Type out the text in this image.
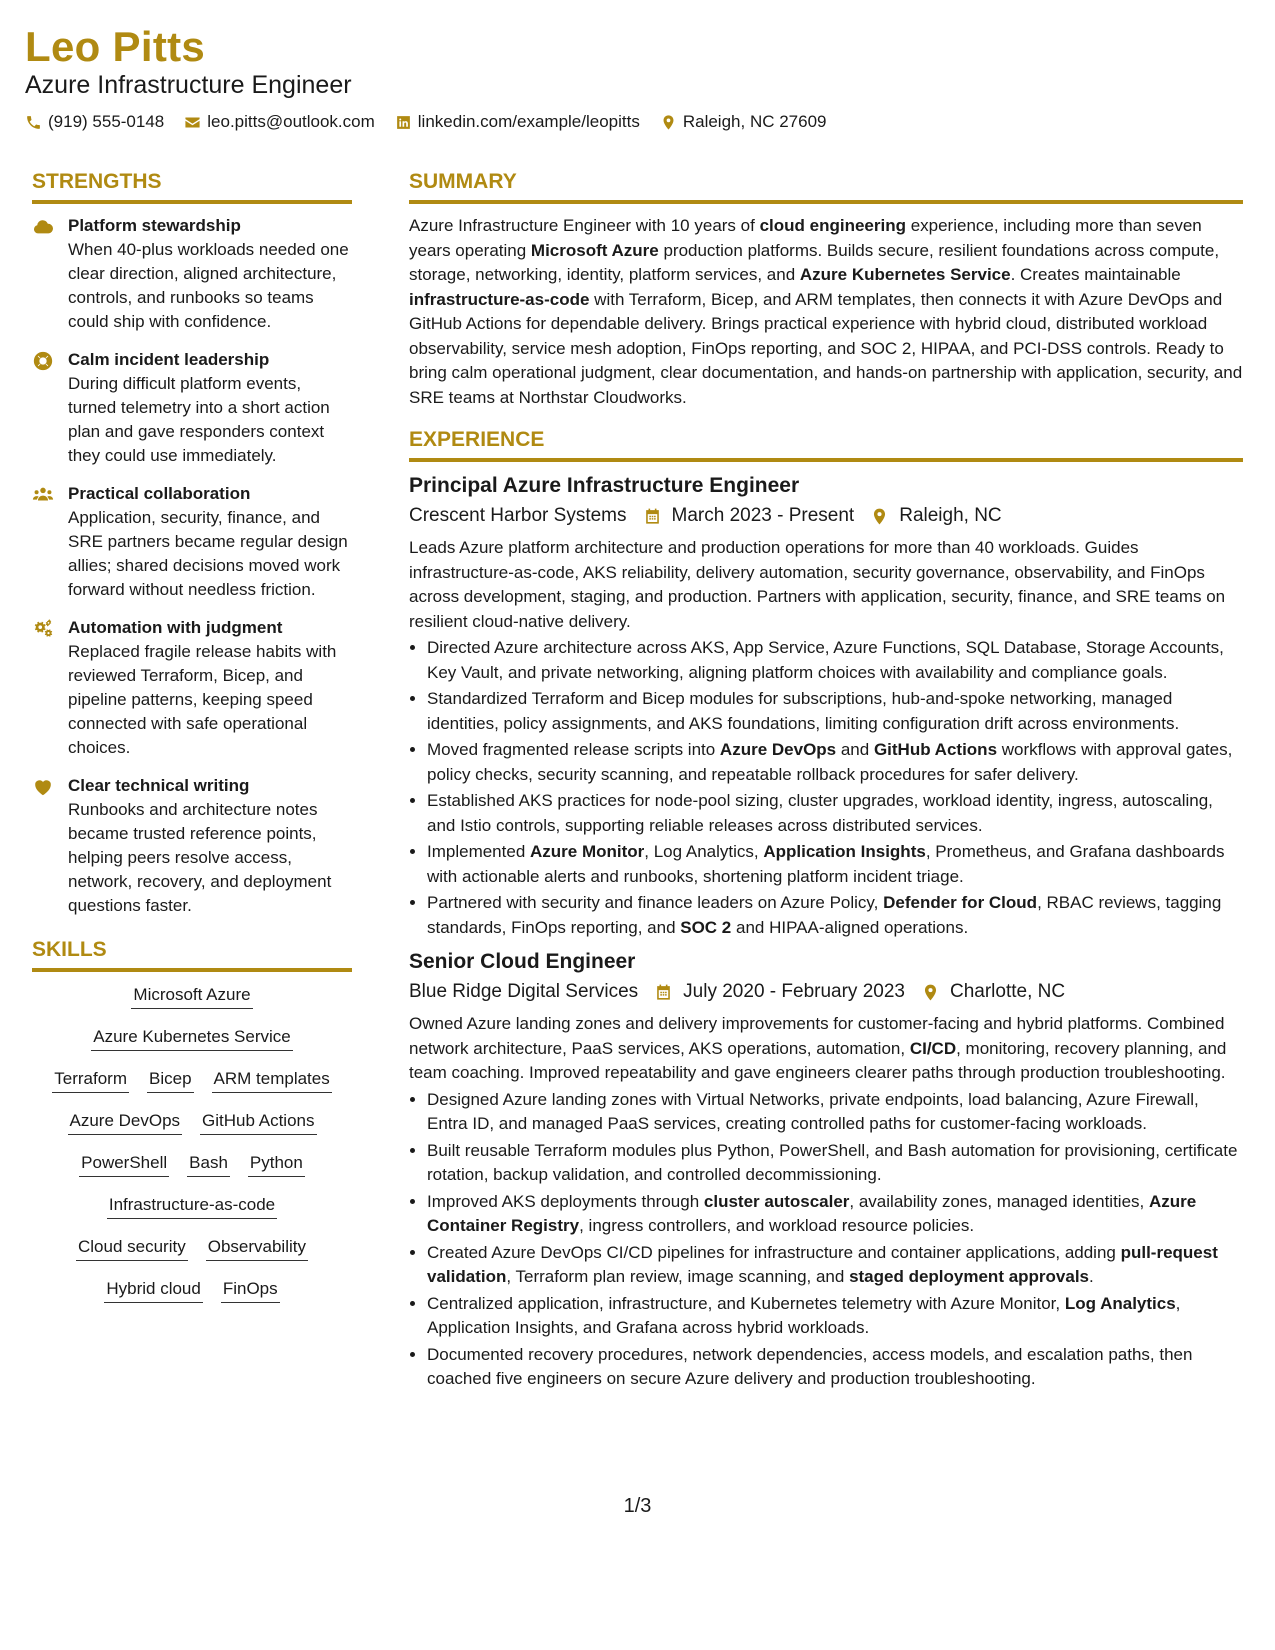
Leo Pitts
Azure Infrastructure Engineer
(919) 555-0148	leo.pitts@outlook.com	linkedin.com/example/leopitts	Raleigh, NC 27609
STRENGTHS
Platform stewardship
When 40-plus workloads needed one clear direction, aligned architecture, controls, and runbooks so teams could ship with confidence.
Calm incident leadership
During difficult platform events, turned telemetry into a short action plan and gave responders context they could use immediately.
Practical collaboration
Application, security, finance, and SRE partners became regular design allies; shared decisions moved work forward without needless friction.
Automation with judgment
Replaced fragile release habits with reviewed Terraform, Bicep, and pipeline patterns, keeping speed connected with safe operational choices.
Clear technical writing
Runbooks and architecture notes became trusted reference points, helping peers resolve access, network, recovery, and deployment questions faster.
SKILLS
Microsoft Azure
Azure Kubernetes Service
Terraform Bicep ARM templates
Azure DevOps GitHub Actions
PowerShell Bash Python
Infrastructure-as-code
Cloud security Observability
Hybrid cloud FinOps
SUMMARY
Azure Infrastructure Engineer with 10 years of cloud engineering experience, including more than seven years operating Microsoft Azure production platforms. Builds secure, resilient foundations across compute, storage, networking, identity, platform services, and Azure Kubernetes Service. Creates maintainable infrastructure-as-code with Terraform, Bicep, and ARM templates, then connects it with Azure DevOps and GitHub Actions for dependable delivery. Brings practical experience with hybrid cloud, distributed workload observability, service mesh adoption, FinOps reporting, and SOC 2, HIPAA, and PCI-DSS controls. Ready to bring calm operational judgment, clear documentation, and hands-on partnership with application, security, and SRE teams at Northstar Cloudworks.
EXPERIENCE
Principal Azure Infrastructure Engineer
Crescent Harbor Systems March 2023 - Present Raleigh, NC
Leads Azure platform architecture and production operations for more than 40 workloads. Guides infrastructure-as-code, AKS reliability, delivery automation, security governance, observability, and FinOps across development, staging, and production. Partners with application, security, finance, and SRE teams on resilient cloud-native delivery.
• Directed Azure architecture across AKS, App Service, Azure Functions, SQL Database, Storage Accounts, Key Vault, and private networking, aligning platform choices with availability and compliance goals.
• Standardized Terraform and Bicep modules for subscriptions, hub-and-spoke networking, managed identities, policy assignments, and AKS foundations, limiting configuration drift across environments.
• Moved fragmented release scripts into Azure DevOps and GitHub Actions workflows with approval gates, policy checks, security scanning, and repeatable rollback procedures for safer delivery.
• Established AKS practices for node-pool sizing, cluster upgrades, workload identity, ingress, autoscaling, and Istio controls, supporting reliable releases across distributed services.
• Implemented Azure Monitor, Log Analytics, Application Insights, Prometheus, and Grafana dashboards with actionable alerts and runbooks, shortening platform incident triage.
• Partnered with security and finance leaders on Azure Policy, Defender for Cloud, RBAC reviews, tagging standards, FinOps reporting, and SOC 2 and HIPAA-aligned operations.
Senior Cloud Engineer
Blue Ridge Digital Services July 2020 - February 2023 Charlotte, NC
Owned Azure landing zones and delivery improvements for customer-facing and hybrid platforms. Combined network architecture, PaaS services, AKS operations, automation, CI/CD, monitoring, recovery planning, and team coaching. Improved repeatability and gave engineers clearer paths through production troubleshooting.
• Designed Azure landing zones with Virtual Networks, private endpoints, load balancing, Azure Firewall, Entra ID, and managed PaaS services, creating controlled paths for customer-facing workloads.
• Built reusable Terraform modules plus Python, PowerShell, and Bash automation for provisioning, certificate rotation, backup validation, and controlled decommissioning.
• Improved AKS deployments through cluster autoscaler, availability zones, managed identities, Azure Container Registry, ingress controllers, and workload resource policies.
• Created Azure DevOps CI/CD pipelines for infrastructure and container applications, adding pull-request validation, Terraform plan review, image scanning, and staged deployment approvals.
• Centralized application, infrastructure, and Kubernetes telemetry with Azure Monitor, Log Analytics, Application Insights, and Grafana across hybrid workloads.
• Documented recovery procedures, network dependencies, access models, and escalation paths, then coached five engineers on secure Azure delivery and production troubleshooting.
1/3
